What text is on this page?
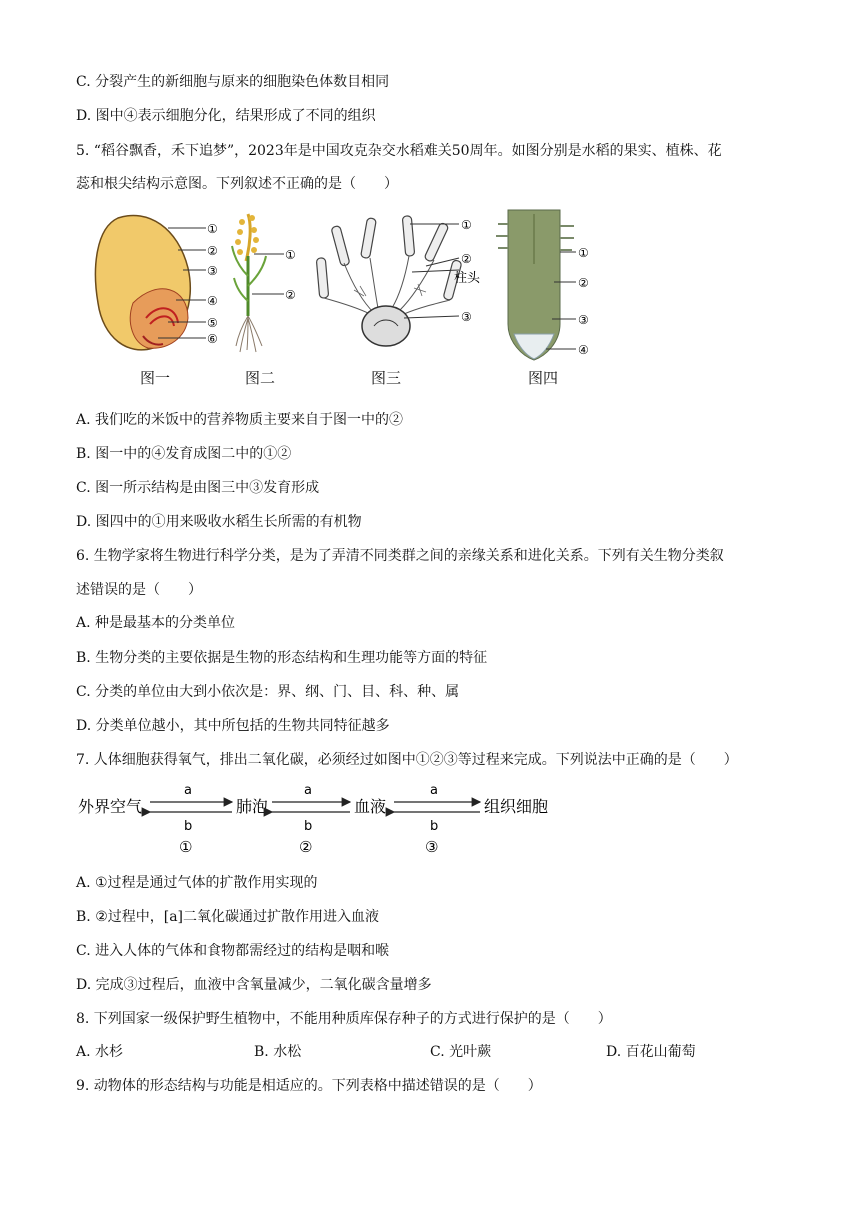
C. 分裂产生的新细胞与原来的细胞染色体数目相同
D. 图中④表示细胞分化，结果形成了不同的组织
5. “稻谷飘香，禾下追梦”，2023年是中国攻克杂交水稻难关50周年。如图分别是水稻的果实、植株、花
蕊和根尖结构示意图。下列叙述不正确的是（　　）
①
②
③
④
⑤
⑥
图一
①
②
图二
①
②
柱头
③
图三
①
②
③
④
图四
A. 我们吃的米饭中的营养物质主要来自于图一中的②
B. 图一中的④发育成图二中的①②
C. 图一所示结构是由图三中③发育形成
D. 图四中的①用来吸收水稻生长所需的有机物
6. 生物学家将生物进行科学分类，是为了弄清不同类群之间的亲缘关系和进化关系。下列有关生物分类叙
述错误的是（　　）
A. 种是最基本的分类单位
B. 生物分类的主要依据是生物的形态结构和生理功能等方面的特征
C. 分类的单位由大到小依次是：界、纲、门、目、科、种、属
D. 分类单位越小，其中所包括的生物共同特征越多
7. 人体细胞获得氧气，排出二氧化碳，必须经过如图中①②③等过程来完成。下列说法中正确的是（　　）
外界空气	肺泡	血液	组织细胞
a	a	a
b	b	b
①	②	③
A. ①过程是通过气体的扩散作用实现的
B. ②过程中，[a]二氧化碳通过扩散作用进入血液
C. 进入人体的气体和食物都需经过的结构是咽和喉
D. 完成③过程后，血液中含氧量减少，二氧化碳含量增多
8. 下列国家一级保护野生植物中，不能用种质库保存种子的方式进行保护的是（　　）
A. 水杉	B. 水松	C. 光叶蕨	D. 百花山葡萄
9. 动物体的形态结构与功能是相适应的。下列表格中描述错误的是（　　）
